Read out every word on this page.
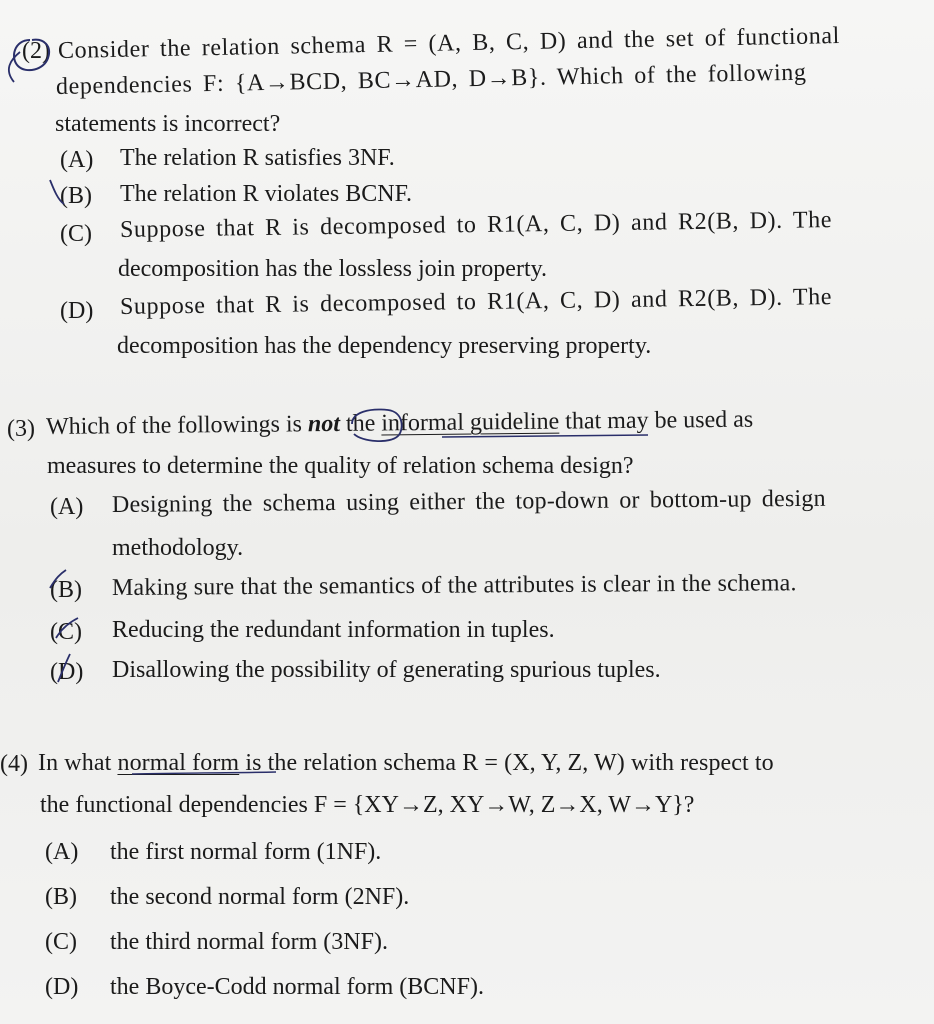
(2) Consider the relation schema R = (A, B, C, D) and the set of functional
dependencies F: {A→BCD, BC→AD, D→B}. Which of the following
statements is incorrect?
(A) The relation R satisfies 3NF.
(B) The relation R violates BCNF.
(C) Suppose that R is decomposed to R1(A, C, D) and R2(B, D). The
decomposition has the lossless join property.
(D) Suppose that R is decomposed to R1(A, C, D) and R2(B, D). The
decomposition has the dependency preserving property.
(3) Which of the followings is not the informal guideline that may be used as
measures to determine the quality of relation schema design?
(A) Designing the schema using either the top-down or bottom-up design
methodology.
(B) Making sure that the semantics of the attributes is clear in the schema.
(C) Reducing the redundant information in tuples.
(D) Disallowing the possibility of generating spurious tuples.
(4) In what normal form is the relation schema R = (X, Y, Z, W) with respect to
the functional dependencies F = {XY→Z, XY→W, Z→X, W→Y}?
(A) the first normal form (1NF).
(B) the second normal form (2NF).
(C) the third normal form (3NF).
(D) the Boyce-Codd normal form (BCNF).
